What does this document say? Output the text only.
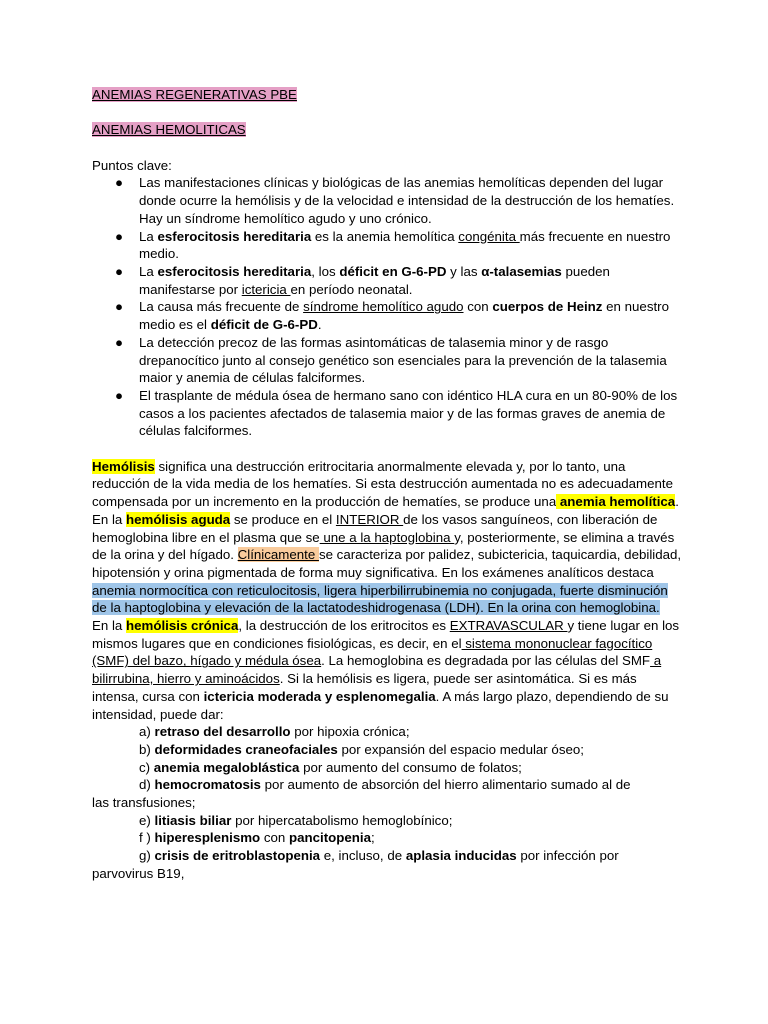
ANEMIAS REGENERATIVAS PBE
ANEMIAS HEMOLITICAS

Puntos clave:

● Las manifestaciones clínicas y biológicas de las anemias hemolíticas dependen del lugar donde ocurre la hemólisis y de la velocidad e intensidad de la destrucción de los hematíes. Hay un síndrome hemolítico agudo y uno crónico.
● La esferocitosis hereditaria es la anemia hemolítica congénita más frecuente en nuestro medio.
● La esferocitosis hereditaria, los déficit en G-6-PD y las α-talasemias pueden manifestarse por ictericia en período neonatal.
● La causa más frecuente de síndrome hemolítico agudo con cuerpos de Heinz en nuestro medio es el déficit de G-6-PD.
● La detección precoz de las formas asintomáticas de talasemia minor y de rasgo drepanocítico junto al consejo genético son esenciales para la prevención de la talasemia maior y anemia de células falciformes.
● El trasplante de médula ósea de hermano sano con idéntico HLA cura en un 80-90% de los casos a los pacientes afectados de talasemia maior y de las formas graves de anemia de células falciformes.

Hemólisis significa una destrucción eritrocitaria anormalmente elevada y, por lo tanto, una reducción de la vida media de los hematíes. Si esta destrucción aumentada no es adecuadamente compensada por un incremento en la producción de hematíes, se produce una anemia hemolítica.

En la hemólisis aguda se produce en el INTERIOR de los vasos sanguíneos, con liberación de hemoglobina libre en el plasma que se une a la haptoglobina y, posteriormente, se elimina a través de la orina y del hígado. Clínicamente se caracteriza por palidez, subictericia, taquicardia, debilidad, hipotensión y orina pigmentada de forma muy significativa. En los exámenes analíticos destaca anemia normocítica con reticulocitosis, ligera hiperbilirrubinemia no conjugada, fuerte disminución de la haptoglobina y elevación de la lactatodeshidrogenasa (LDH). En la orina con hemoglobina.

En la hemólisis crónica, la destrucción de los eritrocitos es EXTRAVASCULAR y tiene lugar en los mismos lugares que en condiciones fisiológicas, es decir, en el sistema mononuclear fagocítico (SMF) del bazo, hígado y médula ósea. La hemoglobina es degradada por las células del SMF a bilirrubina, hierro y aminoácidos. Si la hemólisis es ligera, puede ser asintomática. Si es más intensa, cursa con ictericia moderada y esplenomegalia. A más largo plazo, dependiendo de su intensidad, puede dar:

a) retraso del desarrollo por hipoxia crónica;

b) deformidades craneofaciales por expansión del espacio medular óseo;

c) anemia megaloblástica por aumento del consumo de folatos;

d) hemocromatosis por aumento de absorción del hierro alimentario sumado al de

las transfusiones;

e) litiasis biliar por hipercatabolismo hemoglobínico;

f ) hiperesplenismo con pancitopenia;

g) crisis de eritroblastopenia e, incluso, de aplasia inducidas por infección por

parvovirus B19,
